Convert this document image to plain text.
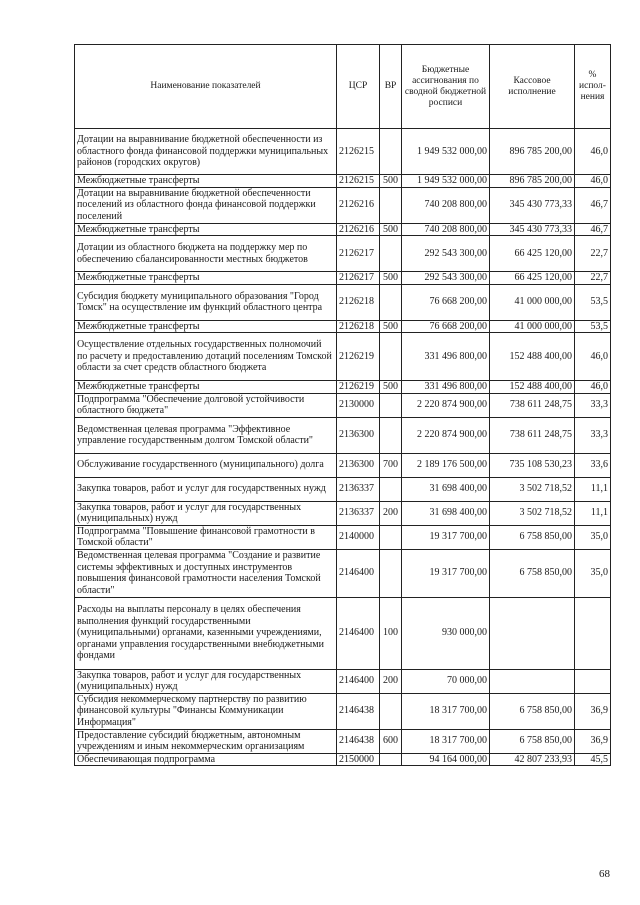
Наименование показателей	ЦСР	ВР	Бюджетные ассигнования по сводной бюджетной росписи	Кассовое исполнение	% испол-нения
Дотации на выравнивание бюджетной обеспеченности из областного фонда финансовой поддержки муниципальных районов (городских округов)	2126215		1 949 532 000,00	896 785 200,00	46,0
Межбюджетные трансферты	2126215	500	1 949 532 000,00	896 785 200,00	46,0
Дотации на выравнивание бюджетной обеспеченности поселений из областного фонда финансовой поддержки поселений	2126216		740 208 800,00	345 430 773,33	46,7
Межбюджетные трансферты	2126216	500	740 208 800,00	345 430 773,33	46,7
Дотации из областного бюджета на поддержку мер по обеспечению сбалансированности местных бюджетов	2126217		292 543 300,00	66 425 120,00	22,7
Межбюджетные трансферты	2126217	500	292 543 300,00	66 425 120,00	22,7
Субсидия бюджету муниципального образования "Город Томск" на осуществление им функций областного центра	2126218		76 668 200,00	41 000 000,00	53,5
Межбюджетные трансферты	2126218	500	76 668 200,00	41 000 000,00	53,5
Осуществление отдельных государственных полномочий по расчету и предоставлению дотаций поселениям Томской области за счет средств областного бюджета	2126219		331 496 800,00	152 488 400,00	46,0
Межбюджетные трансферты	2126219	500	331 496 800,00	152 488 400,00	46,0
Подпрограмма "Обеспечение долговой устойчивости областного бюджета"	2130000		2 220 874 900,00	738 611 248,75	33,3
Ведомственная целевая программа "Эффективное управление государственным долгом Томской области"	2136300		2 220 874 900,00	738 611 248,75	33,3
Обслуживание государственного (муниципального) долга	2136300	700	2 189 176 500,00	735 108 530,23	33,6
Закупка товаров, работ и услуг для государственных нужд	2136337		31 698 400,00	3 502 718,52	11,1
Закупка товаров, работ и услуг для государственных (муниципальных) нужд	2136337	200	31 698 400,00	3 502 718,52	11,1
Подпрограмма "Повышение финансовой грамотности в Томской области"	2140000		19 317 700,00	6 758 850,00	35,0
Ведомственная целевая программа "Создание и развитие системы эффективных и доступных инструментов повышения финансовой грамотности населения Томской области"	2146400		19 317 700,00	6 758 850,00	35,0
Расходы на выплаты персоналу в целях обеспечения выполнения функций государственными (муниципальными) органами, казенными учреждениями, органами управления государственными внебюджетными фондами	2146400	100	930 000,00		
Закупка товаров, работ и услуг для государственных (муниципальных) нужд	2146400	200	70 000,00		
Субсидия некоммерческому партнерству по развитию финансовой культуры "Финансы Коммуникации Информация"	2146438		18 317 700,00	6 758 850,00	36,9
Предоставление субсидий бюджетным, автономным учреждениям и иным некоммерческим организациям	2146438	600	18 317 700,00	6 758 850,00	36,9
Обеспечивающая подпрограмма	2150000		94 164 000,00	42 807 233,93	45,5
68
